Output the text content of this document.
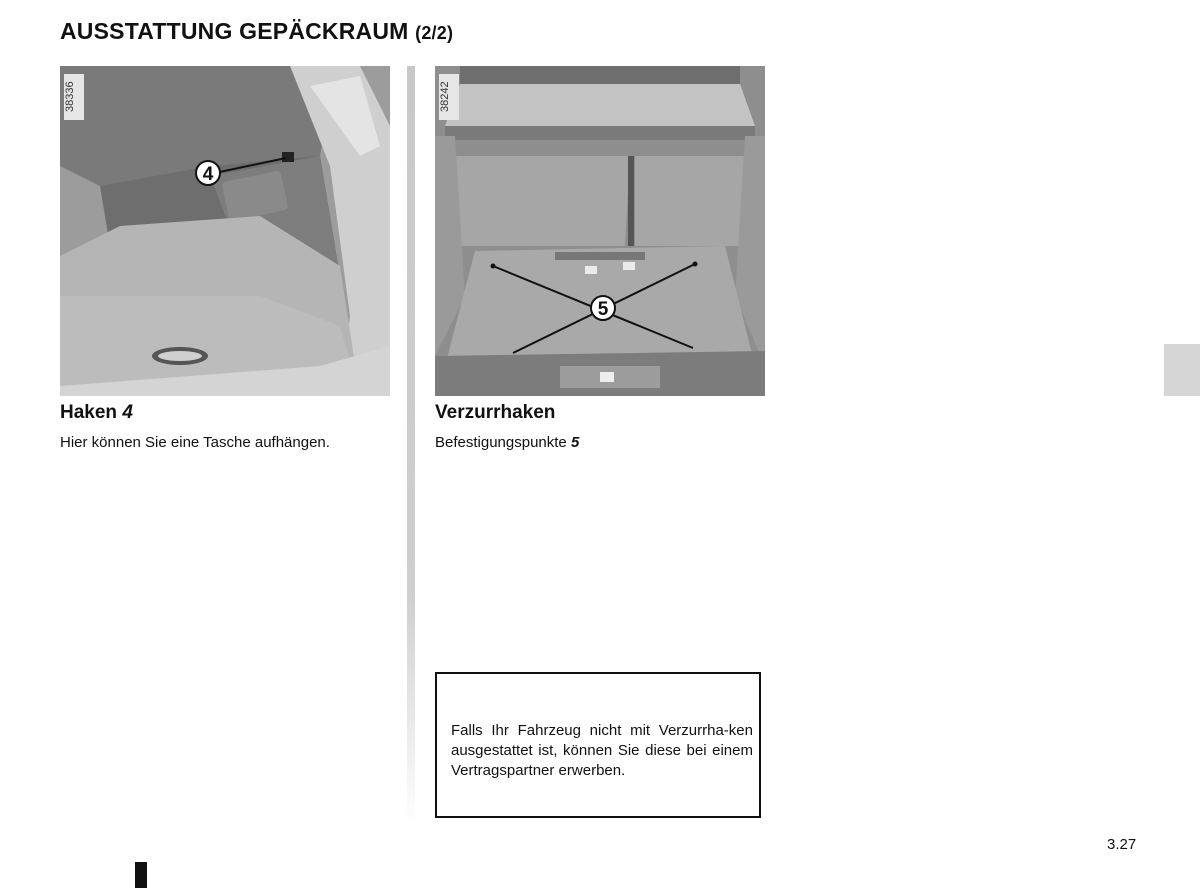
AUSSTATTUNG GEPÄCKRAUM (2/2)
4
38336
5
38242
Haken 4
Hier können Sie eine Tasche aufhängen.
Verzurrhaken
Befestigungspunkte 5
Falls Ihr Fahrzeug nicht mit Verzurrha-ken ausgestattet ist, können Sie diese bei einem Vertragspartner erwerben.
3.27
